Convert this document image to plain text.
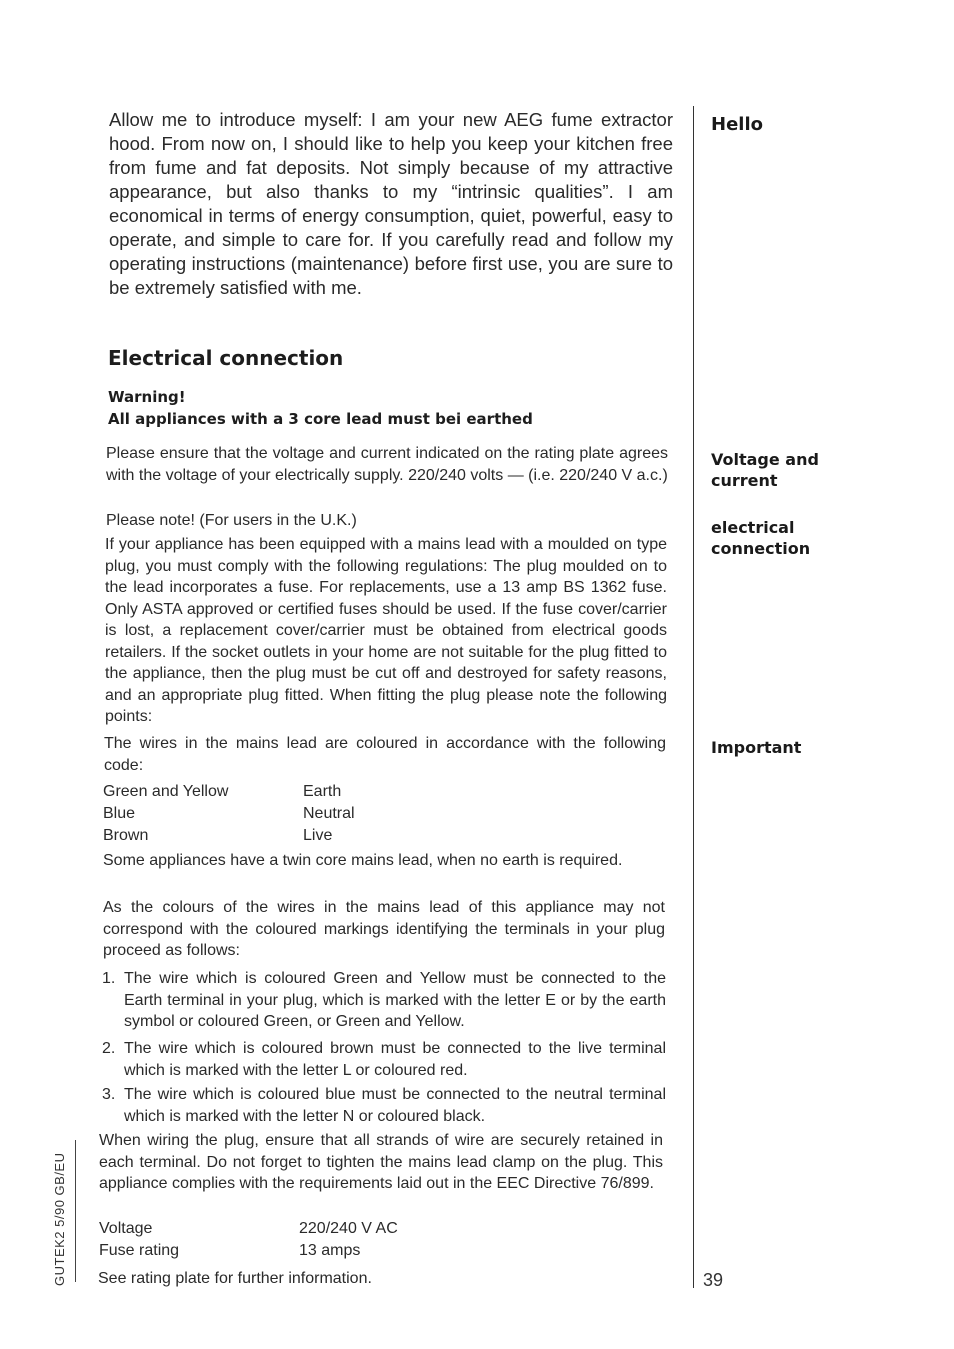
Allow me to introduce myself: I am your new AEG fume extractor hood. From now on, I should like to help you keep your kitchen free from fume and fat deposits. Not simply because of my attractive appearance, but also thanks to my “intrinsic qualities”. I am economical in terms of energy consumption, quiet, powerful, easy to operate, and simple to care for. If you carefully read and follow my operating instructions (maintenance) before first use, you are sure to be extremely satisfied with me.

Hello
Voltage and current
electrical connection
Important
Electrical connection
Warning!
All appliances with a 3 core lead must bei earthed

Please ensure that the voltage and current indicated on the rating plate agrees with the voltage of your electrically supply. 220/240 volts — (i.e. 220/240 V a.c.)

Please note! (For users in the U.K.)

If your appliance has been equipped with a mains lead with a moulded on type plug, you must comply with the following regulations: The plug moulded on to the lead incorporates a fuse. For replacements, use a 13 amp BS 1362 fuse. Only ASTA approved or certified fuses should be used. If the fuse cover/carrier is lost, a replacement cover/carrier must be obtained from electrical goods retailers. If the socket outlets in your home are not suitable for the plug fitted to the appliance, then the plug must be cut off and destroyed for safety reasons, and an appropriate plug fitted. When fitting the plug please note the following points:

The wires in the mains lead are coloured in accordance with the following code:

Green and Yellow	Earth
Blue	Neutral
Brown	Live

Some appliances have a twin core mains lead, when no earth is required.

As the colours of the wires in the mains lead of this appliance may not correspond with the coloured markings identifying the terminals in your plug proceed as follows:

1. The wire which is coloured Green and Yellow must be connected to the Earth terminal in your plug, which is marked with the letter E or by the earth symbol or coloured Green, or Green and Yellow.
2. The wire which is coloured brown must be connected to the live terminal which is marked with the letter L or coloured red.
3. The wire which is coloured blue must be connected to the neutral terminal which is marked with the letter N or coloured black.

When wiring the plug, ensure that all strands of wire are securely retained in each terminal. Do not forget to tighten the mains lead clamp on the plug. This appliance complies with the requirements laid out in the EEC Directive 76/899.

Voltage	220/240 V AC
Fuse rating	13 amps

See rating plate for further information.

GUTEK2 5/90 GB/EU	39
